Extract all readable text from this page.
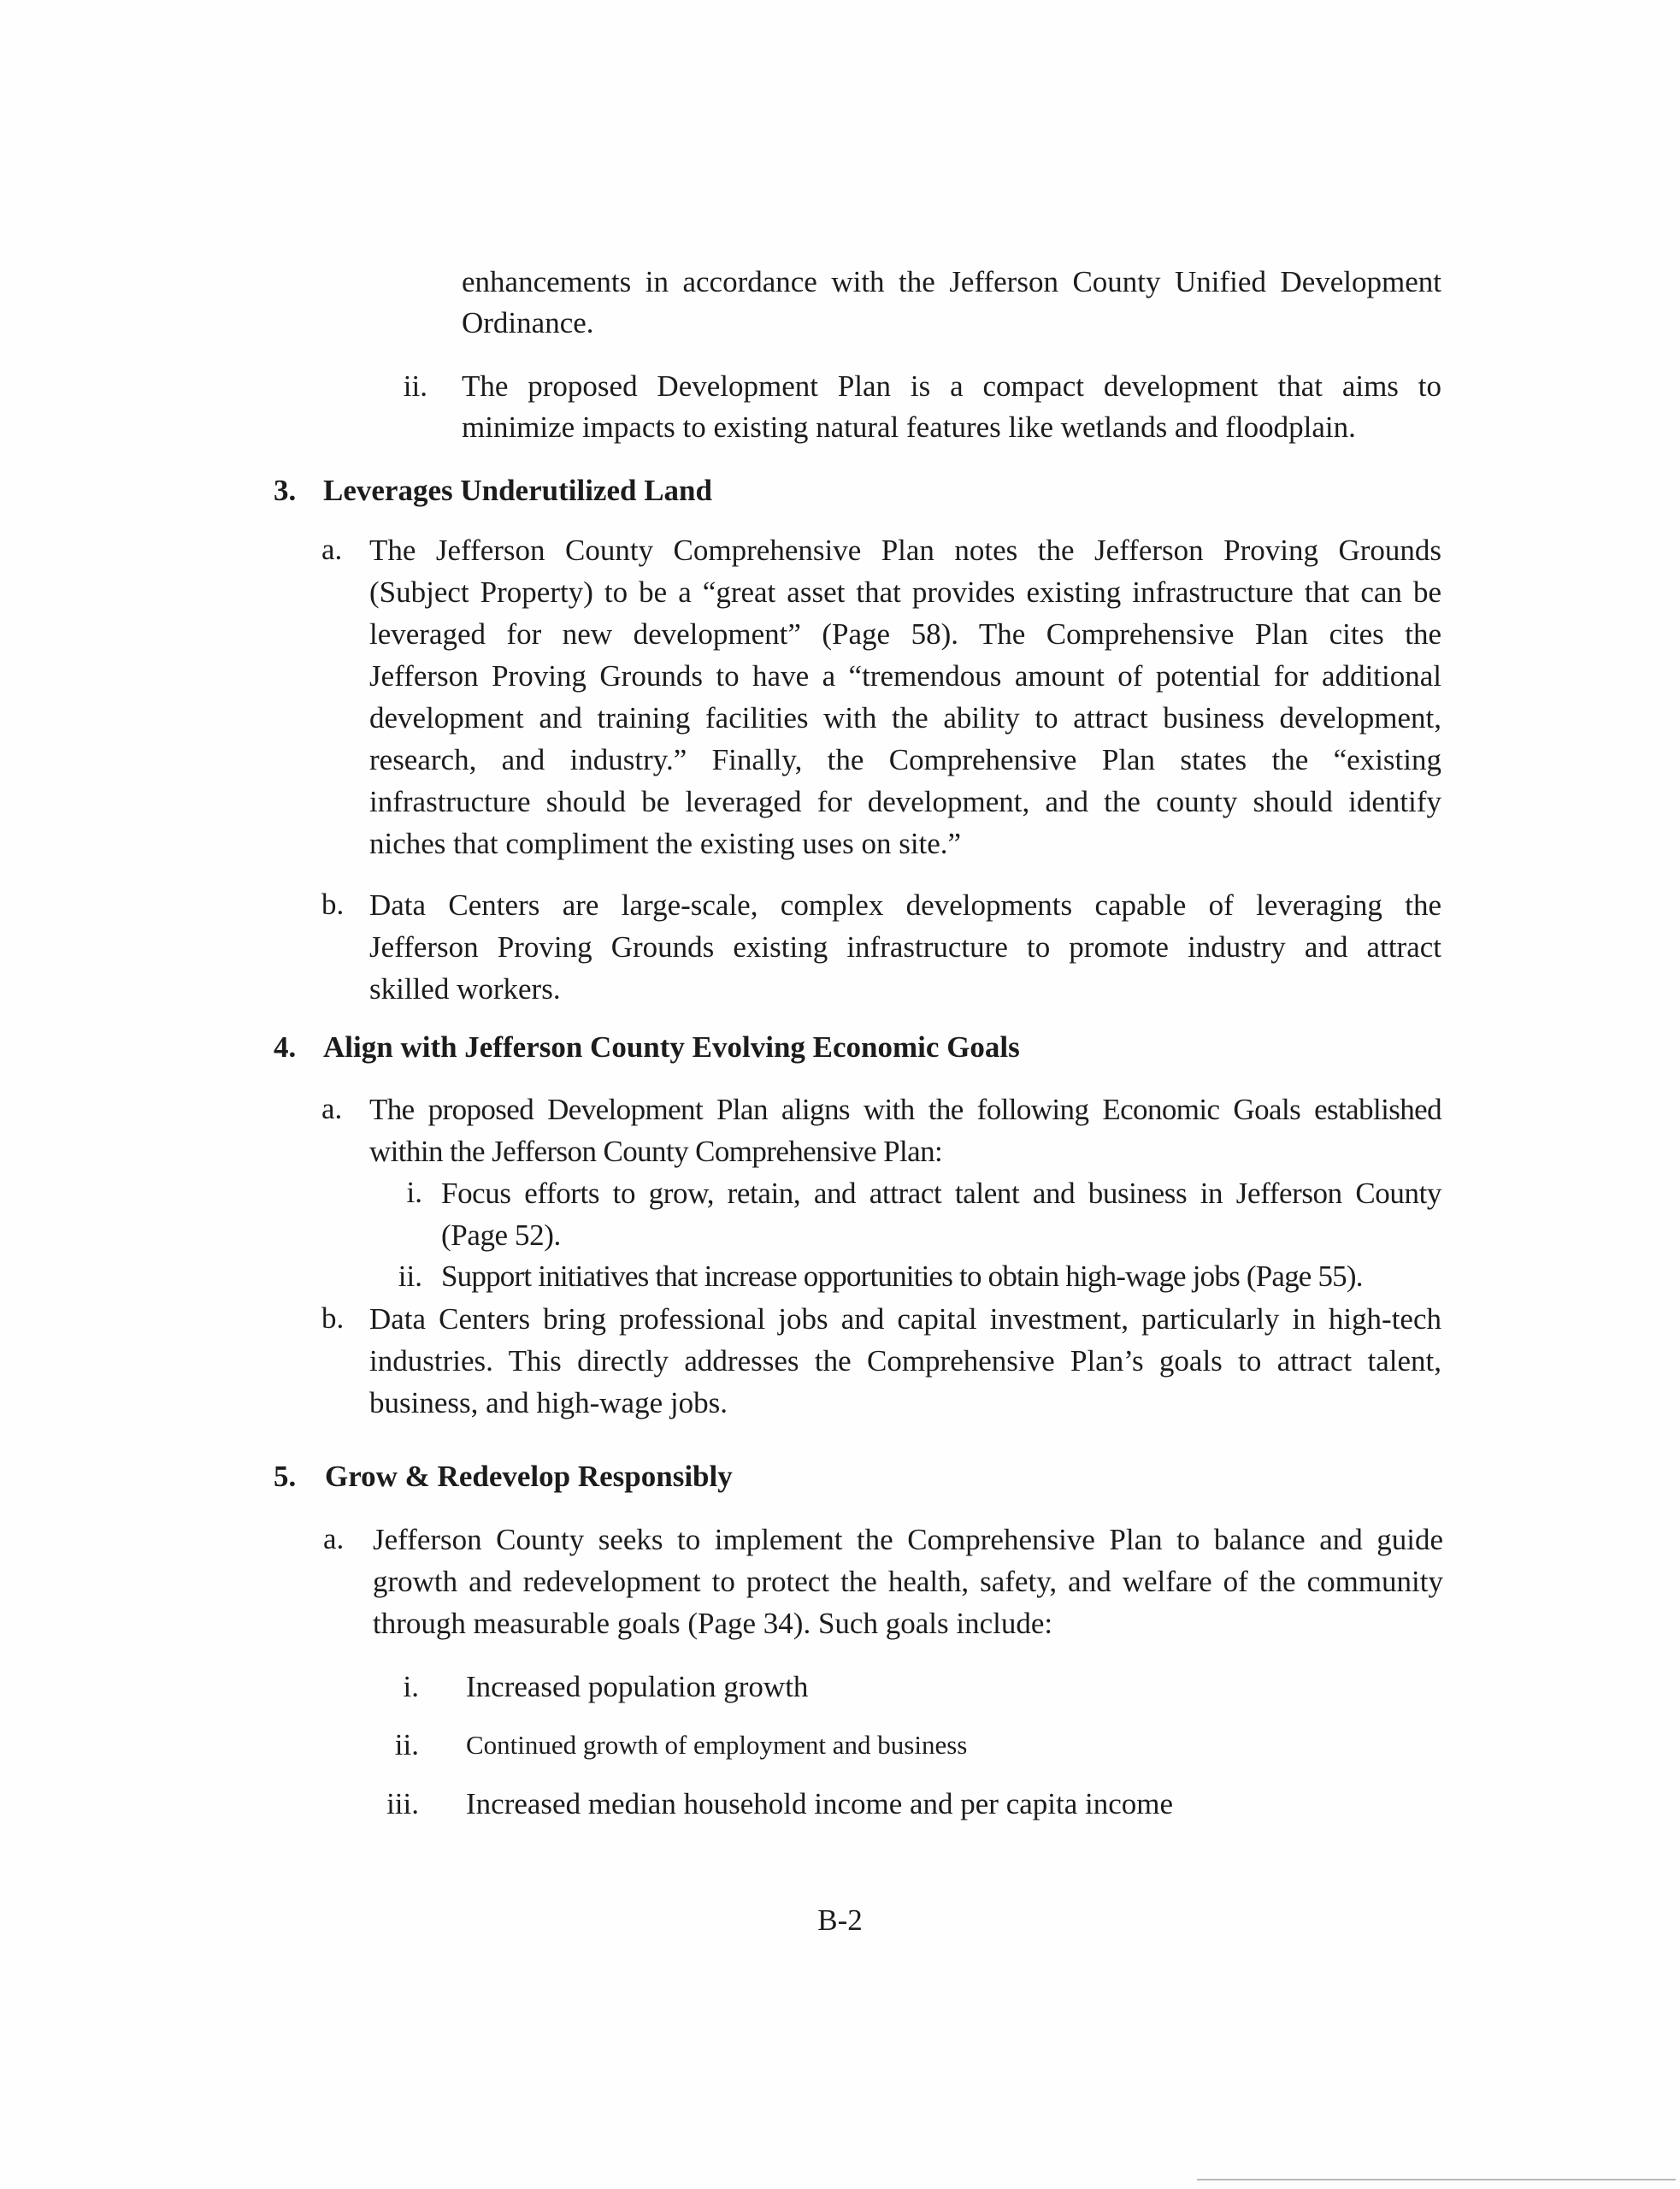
enhancements in accordance with the Jefferson County Unified Development
Ordinance.
ii. The proposed Development Plan is a compact development that aims to
minimize impacts to existing natural features like wetlands and floodplain.
3. Leverages Underutilized Land
a. The Jefferson County Comprehensive Plan notes the Jefferson Proving Grounds
(Subject Property) to be a “great asset that provides existing infrastructure that can be
leveraged for new development” (Page 58). The Comprehensive Plan cites the
Jefferson Proving Grounds to have a “tremendous amount of potential for additional
development and training facilities with the ability to attract business development,
research, and industry.” Finally, the Comprehensive Plan states the “existing
infrastructure should be leveraged for development, and the county should identify
niches that compliment the existing uses on site.”
b. Data Centers are large-scale, complex developments capable of leveraging the
Jefferson Proving Grounds existing infrastructure to promote industry and attract
skilled workers.
4. Align with Jefferson County Evolving Economic Goals
a. The proposed Development Plan aligns with the following Economic Goals established
within the Jefferson County Comprehensive Plan:
i. Focus efforts to grow, retain, and attract talent and business in Jefferson County
(Page 52).
ii. Support initiatives that increase opportunities to obtain high-wage jobs (Page 55).
b. Data Centers bring professional jobs and capital investment, particularly in high-tech
industries. This directly addresses the Comprehensive Plan’s goals to attract talent,
business, and high-wage jobs.
5. Grow & Redevelop Responsibly
a. Jefferson County seeks to implement the Comprehensive Plan to balance and guide
growth and redevelopment to protect the health, safety, and welfare of the community
through measurable goals (Page 34). Such goals include:
i. Increased population growth
ii. Continued growth of employment and business
iii. Increased median household income and per capita income
B-2
